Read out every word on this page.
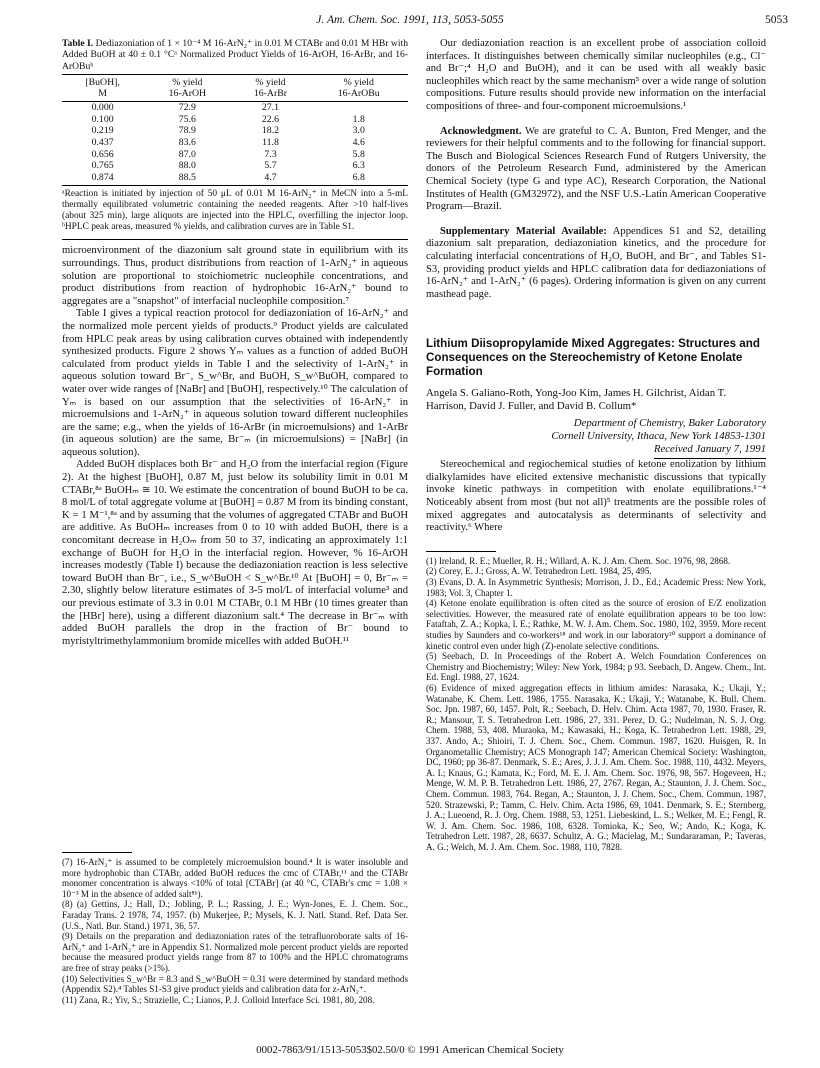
J. Am. Chem. Soc. 1991, 113, 5053-5055	5053
Table I. Dediazoniation of 1 × 10⁻⁴ M 16-ArN₂⁺ in 0.01 M CTABr and 0.01 M HBr with Added BuOH at 40 ± 0.1 °Cᵃ Normalized Product Yields of 16-ArOH, 16-ArBr, and 16-ArOBuᵇ
[BuOH],	% yield	% yield	% yield
M	16-ArOH	16-ArBr	16-ArOBu
0.000	72.9	27.1	
0.100	75.6	22.6	1.8
0.219	78.9	18.2	3.0
0.437	83.6	11.8	4.6
0.656	87.0	7.3	5.8
0.765	88.0	5.7	6.3
0.874	88.5	4.7	6.8
ᵃReaction is initiated by injection of 50 μL of 0.01 M 16-ArN₂⁺ in MeCN into a 5-mL thermally equilibrated volumetric containing the needed reagents. After >10 half-lives (about 325 min), large aliquots are injected into the HPLC, overfilling the injector loop. ᵇHPLC peak areas, measured % yields, and calibration curves are in Table S1.

microenvironment of the diazonium salt ground state in equilibrium with its surroundings. Thus, product distributions from reaction of 1-ArN₂⁺ in aqueous solution are proportional to stoichiometric nucleophile concentrations, and product distributions from reaction of hydrophobic 16-ArN₂⁺ bound to aggregates are a "snapshot" of interfacial nucleophile composition.⁷

Table I gives a typical reaction protocol for dediazoniation of 16-ArN₂⁺ and the normalized mole percent yields of products.⁹ Product yields are calculated from HPLC peak areas by using calibration curves obtained with independently synthesized products. Figure 2 shows Yₘ values as a function of added BuOH calculated from product yields in Table I and the selectivity of 1-ArN₂⁺ in aqueous solution toward Br⁻, S_w^Br, and BuOH, S_w^BuOH, compared to water over wide ranges of [NaBr] and [BuOH], respectively.¹⁰ The calculation of Yₘ is based on our assumption that the selectivities of 16-ArN₂⁺ in microemulsions and 1-ArN₂⁺ in aqueous solution toward different nucleophiles are the same; e.g., when the yields of 16-ArBr (in microemulsions) and 1-ArBr (in aqueous solution) are the same, Br⁻ₘ (in microemulsions) = [NaBr] (in aqueous solution).

Added BuOH displaces both Br⁻ and H₂O from the interfacial region (Figure 2). At the highest [BuOH], 0.87 M, just below its solubility limit in 0.01 M CTABr,⁸ᵃ BuOHₘ ≅ 10. We estimate the concentration of bound BuOH to be ca. 8 mol/L of total aggregate volume at [BuOH] = 0.87 M from its binding constant, K = 1 M⁻¹,⁸ᵃ and by assuming that the volumes of aggregated CTABr and BuOH are additive. As BuOHₘ increases from 0 to 10 with added BuOH, there is a concomitant decrease in H₂Oₘ from 50 to 37, indicating an approximately 1:1 exchange of BuOH for H₂O in the interfacial region. However, % 16-ArOH increases modestly (Table I) because the dediazoniation reaction is less selective toward BuOH than Br⁻, i.e., S_w^BuOH < S_w^Br.¹⁰ At [BuOH] = 0, Br⁻ₘ = 2.30, slightly below literature estimates of 3-5 mol/L of interfacial volume³ and our previous estimate of 3.3 in 0.01 M CTABr, 0.1 M HBr (10 times greater than the [HBr] here), using a different diazonium salt.⁴ The decrease in Br⁻ₘ with added BuOH parallels the drop in the fraction of Br⁻ bound to myristyltrimethylammonium bromide micelles with added BuOH.¹¹

(7) 16-ArN₂⁺ is assumed to be completely microemulsion bound.⁴ It is water insoluble and more hydrophobic than CTABr, added BuOH reduces the cmc of CTABr,¹¹ and the CTABr monomer concentration is always <10% of total [CTABr] (at 40 °C, CTABr's cmc = 1.08 × 10⁻³ M in the absence of added salt⁸ᵇ).

(8) (a) Gettins, J.; Hall, D.; Jobling, P. L.; Rassing, J. E.; Wyn-Jones, E. J. Chem. Soc., Faraday Trans. 2 1978, 74, 1957. (b) Mukerjee, P.; Mysels, K. J. Natl. Stand. Ref. Data Ser. (U.S., Natl. Bur. Stand.) 1971, 36, 57.

(9) Details on the preparation and dediazoniation rates of the tetrafluoroborate salts of 16-ArN₂⁺ and 1-ArN₂⁺ are in Appendix S1. Normalized mole percent product yields are reported because the measured product yields range from 87 to 100% and the HPLC chromatograms are free of stray peaks (>1%).

(10) Selectivities S_w^Br = 8.3 and S_w^BuOH = 0.31 were determined by standard methods (Appendix S2).⁴ Tables S1-S3 give product yields and calibration data for z-ArN₂⁺.

(11) Zana, R.; Yiv, S.; Strazielle, C.; Lianos, P. J. Colloid Interface Sci. 1981, 80, 208.

Our dediazoniation reaction is an excellent probe of association colloid interfaces. It distinguishes between chemically similar nucleophiles (e.g., Cl⁻ and Br⁻;⁴ H₂O and BuOH), and it can be used with all weakly basic nucleophiles which react by the same mechanism⁵ over a wide range of solution compositions. Future results should provide new information on the interfacial compositions of three- and four-component microemulsions.¹

Acknowledgment. We are grateful to C. A. Bunton, Fred Menger, and the reviewers for their helpful comments and to the following for financial support. The Busch and Biological Sciences Research Fund of Rutgers University, the donors of the Petroleum Research Fund, administered by the American Chemical Society (type G and type AC), Research Corporation, the National Institutes of Health (GM32972), and the NSF U.S.-Latin American Cooperative Program—Brazil.

Supplementary Material Available: Appendices S1 and S2, detailing diazonium salt preparation, dediazoniation kinetics, and the procedure for calculating interfacial concentrations of H₂O, BuOH, and Br⁻, and Tables S1-S3, providing product yields and HPLC calibration data for dediazoniations of 16-ArN₂⁺ and 1-ArN₂⁺ (6 pages). Ordering information is given on any current masthead page.

Lithium Diisopropylamide Mixed Aggregates: Structures and Consequences on the Stereochemistry of Ketone Enolate Formation
Angela S. Galiano-Roth, Yong-Joo Kim, James H. Gilchrist, Aidan T. Harrison, David J. Fuller, and David B. Collum*
Department of Chemistry, Baker Laboratory
Cornell University, Ithaca, New York 14853-1301
Received January 7, 1991

Stereochemical and regiochemical studies of ketone enolization by lithium dialkylamides have elicited extensive mechanistic discussions that typically invoke kinetic pathways in competition with enolate equilibrations.¹⁻⁴ Noticeably absent from most (but not all)⁵ treatments are the possible roles of mixed aggregates and autocatalysis as determinants of selectivity and reactivity.⁶ Where

(1) Ireland, R. E.; Mueller, R. H.; Willard, A. K. J. Am. Chem. Soc. 1976, 98, 2868.

(2) Corey, E. J.; Gross, A. W. Tetrahedron Lett. 1984, 25, 495.

(3) Evans, D. A. In Asymmetric Synthesis; Morrison, J. D., Ed.; Academic Press: New York, 1983; Vol. 3, Chapter 1.

(4) Ketone enolate equilibration is often cited as the source of erosion of E/Z enolization selectivities. However, the measured rate of enolate equilibration appears to be too low: Fataftah, Z. A.; Kopka, I. E.; Rathke, M. W. J. Am. Chem. Soc. 1980, 102, 3959. More recent studies by Saunders and co-workers¹⁸ and work in our laboratory²⁰ support a dominance of kinetic control even under high (Z)-enolate selective conditions.

(5) Seebach, D. In Proceedings of the Robert A. Welch Foundation Conferences on Chemistry and Biochemistry; Wiley: New York, 1984; p 93. Seebach, D. Angew. Chem., Int. Ed. Engl. 1988, 27, 1624.

(6) Evidence of mixed aggregation effects in lithium amides: Narasaka, K.; Ukaji, Y.; Watanabe, K. Chem. Lett. 1986, 1755. Narasaka, K.; Ukaji, Y.; Watanabe, K. Bull. Chem. Soc. Jpn. 1987, 60, 1457. Polt, R.; Seebach, D. Helv. Chim. Acta 1987, 70, 1930. Fraser, R. R.; Mansour, T. S. Tetrahedron Lett. 1986, 27, 331. Perez, D. G.; Nudelman, N. S. J. Org. Chem. 1988, 53, 408. Muraoka, M.; Kawasaki, H.; Koga, K. Tetrahedron Lett. 1988, 29, 337. Ando, A.; Shioiri, T. J. Chem. Soc., Chem. Commun. 1987, 1620. Huisgen, R. In Organometallic Chemistry; ACS Monograph 147; American Chemical Society: Washington, DC, 1960; pp 36-87. Denmark, S. E.; Ares, J. J. J. Am. Chem. Soc. 1988, 110, 4432. Meyers, A. I.; Knaus, G.; Kamata, K.; Ford, M. E. J. Am. Chem. Soc. 1976, 98, 567. Hogeveen, H.; Menge, W. M. P. B. Tetrahedron Lett. 1986, 27, 2767. Regan, A.; Staunton, J. J. Chem. Soc., Chem. Commun. 1983, 764. Regan, A.; Staunton, J. J. Chem. Soc., Chem. Commun. 1987, 520. Strazewski, P.; Tamm, C. Helv. Chim. Acta 1986, 69, 1041. Denmark, S. E.; Sternberg, J. A.; Lueoend, R. J. Org. Chem. 1988, 53, 1251. Liebeskind, L. S.; Welker, M. E.; Fengl, R. W. J. Am. Chem. Soc. 1986, 108, 6328. Tomioka, K.; Seo, W.; Ando, K.; Koga, K. Tetrahedron Lett. 1987, 28, 6637. Schultz, A. G.; Macielag, M.; Sundararaman, P.; Taveras, A. G.; Welch, M. J. Am. Chem. Soc. 1988, 110, 7828.

0002-7863/91/1513-5053$02.50/0 © 1991 American Chemical Society
